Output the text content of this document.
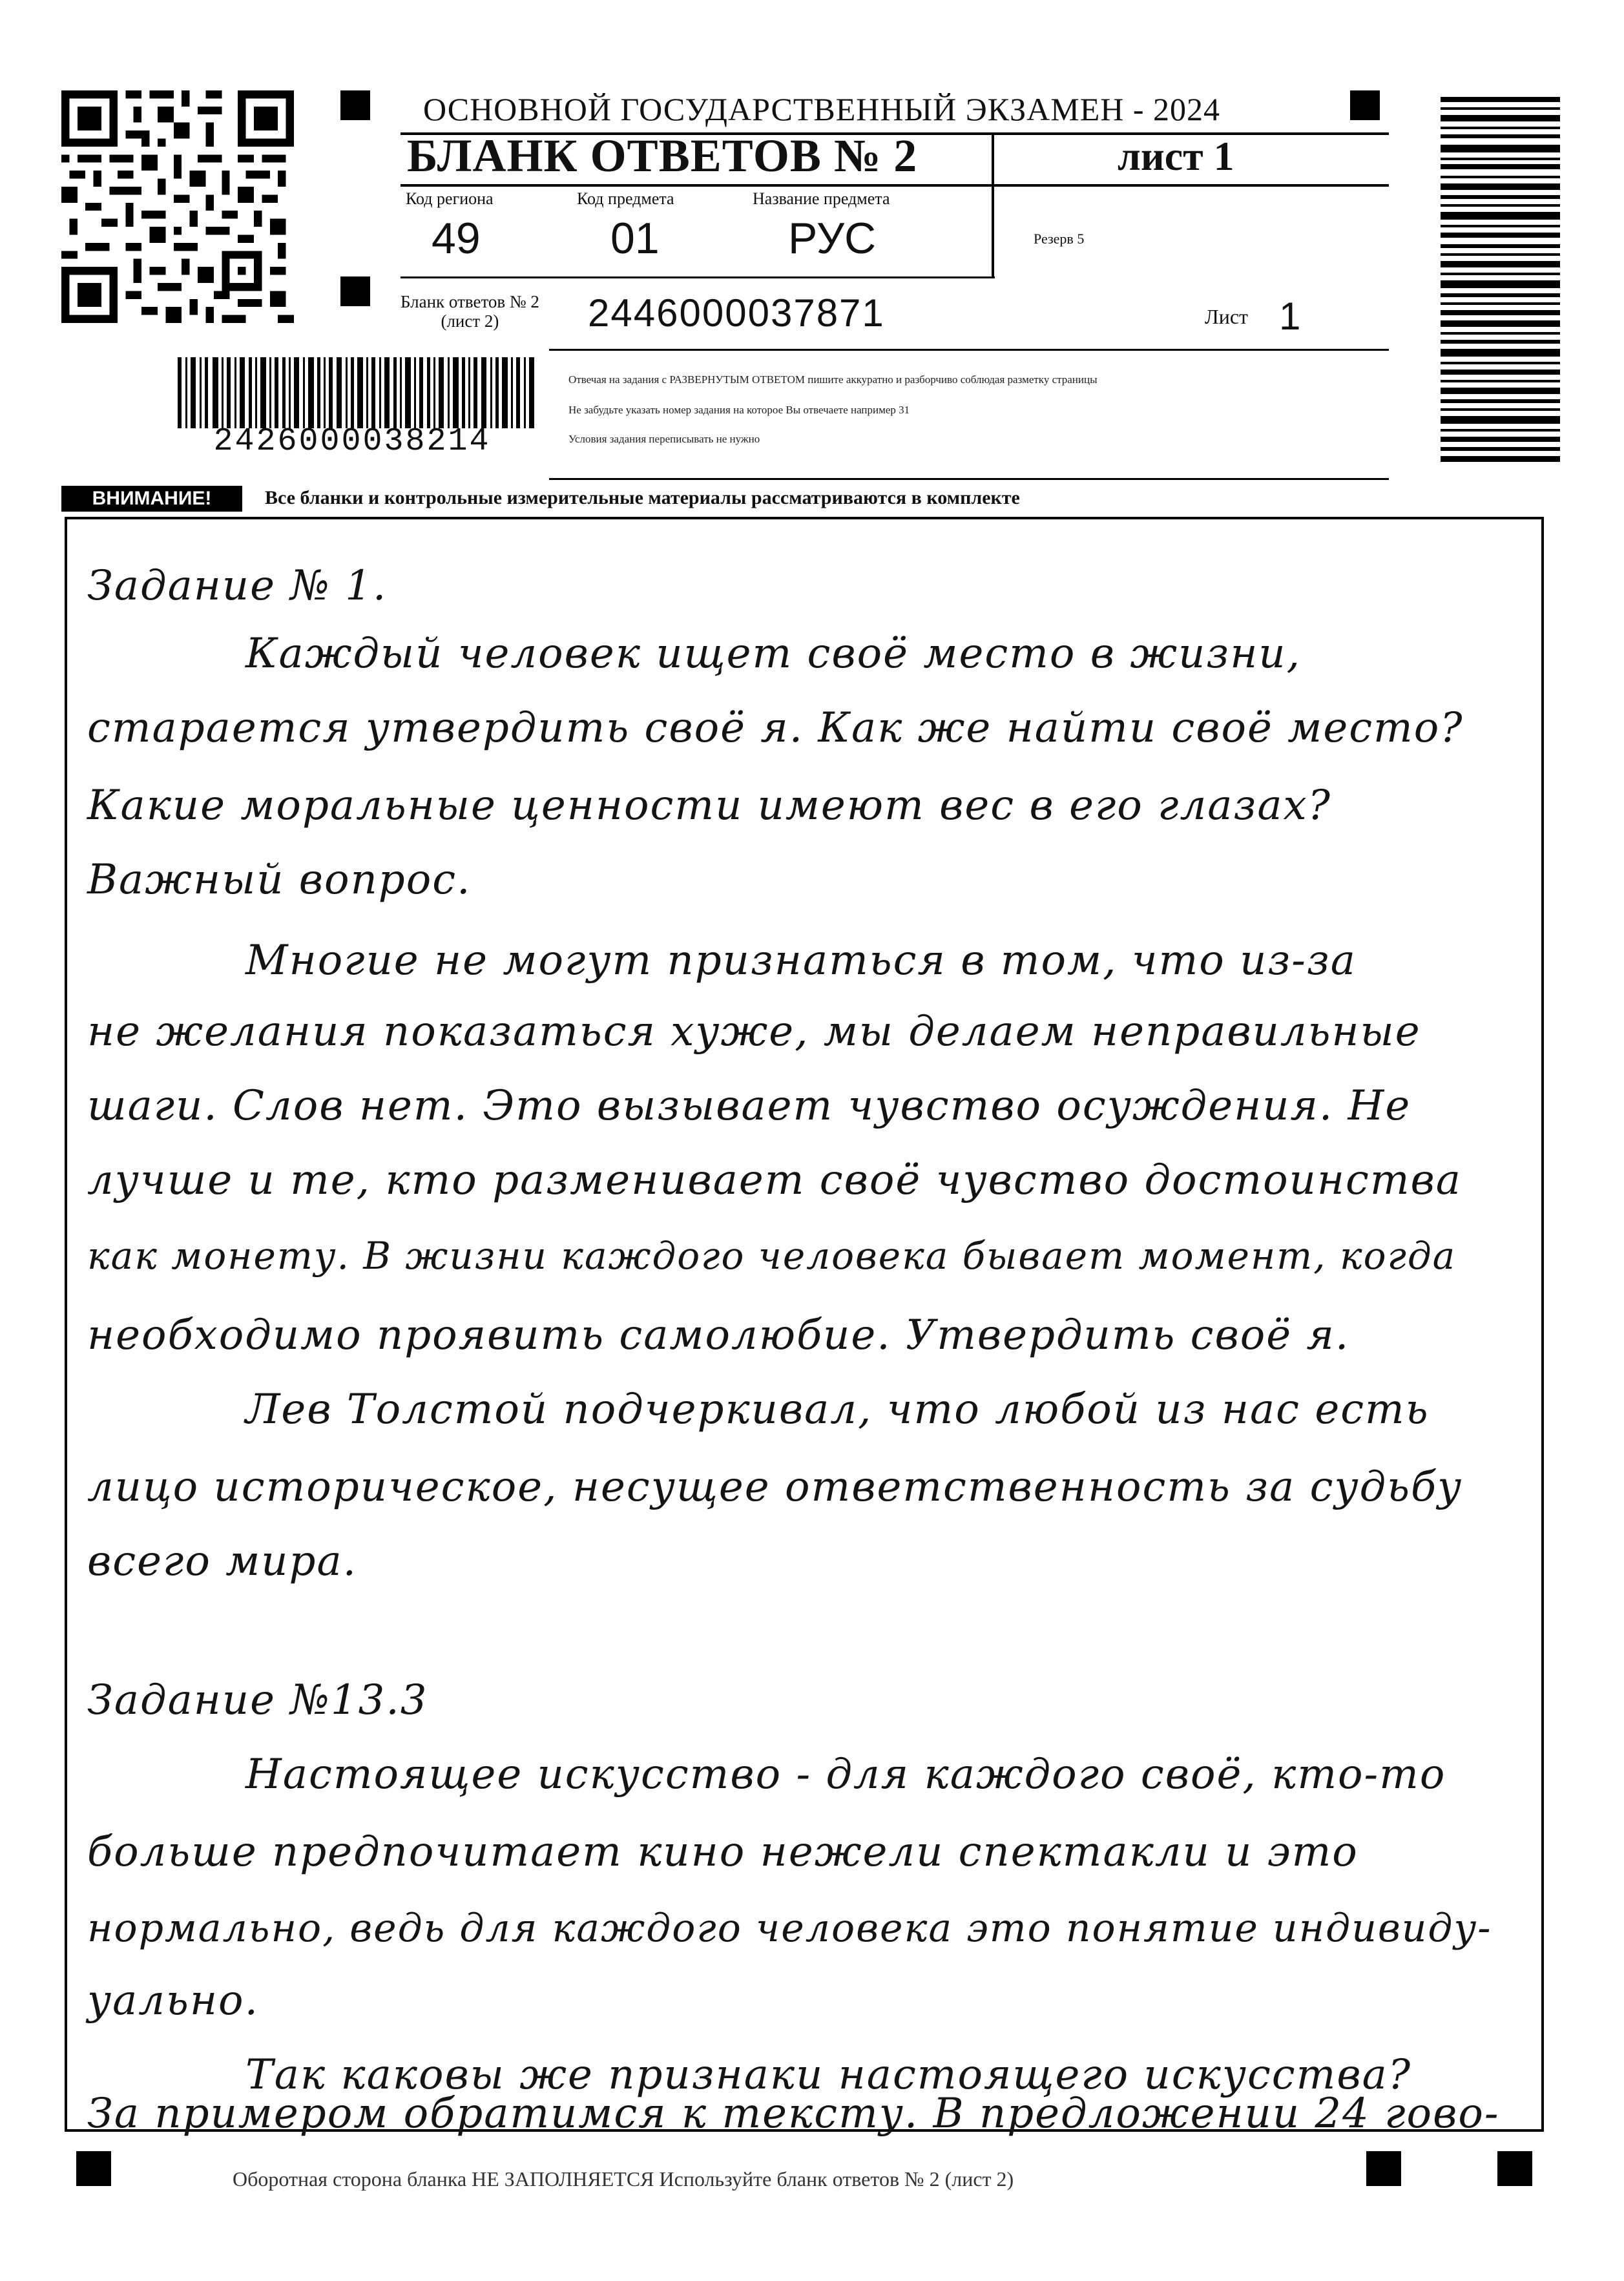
2426000038214
ОСНОВНОЙ ГОСУДАРСТВЕННЫЙ ЭКЗАМЕН - 2024
БЛАНК ОТВЕТОВ № 2	лист 1
Код региона
49
Код предмета
01
Название предмета
РУС	Резерв 5
Бланк ответов № 2
(лист 2)	2446000037871	Лист 1
Отвечая на задания с РАЗВЕРНУТЫМ ОТВЕТОМ пишите аккуратно и разборчиво соблюдая разметку страницы
Не забудьте указать номер задания на которое Вы отвечаете например 31
Условия задания переписывать не нужно
ВНИМАНИЕ!	Все бланки и контрольные измерительные материалы рассматриваются в комплекте
Задание № 1.
Каждый человек ищет своё место в жизни,
старается утвердить своё я. Как же найти своё место?
Какие моральные ценности имеют вес в его глазах?
Важный вопрос.
Многие не могут признаться в том, что из-за
не желания показаться хуже, мы делаем неправильные
шаги. Слов нет. Это вызывает чувство осуждения. Не
лучше и те, кто разменивает своё чувство достоинства
как монету. В жизни каждого человека бывает момент, когда
необходимо проявить самолюбие. Утвердить своё я.
Лев Толстой подчеркивал, что любой из нас есть
лицо историческое, несущее ответственность за судьбу
всего мира.
Задание №13.3
Настоящее искусство - для каждого своё, кто-то
больше предпочитает кино нежели спектакли и это
нормально, ведь для каждого человека это понятие индивиду-
уально.
Так каковы же признаки настоящего искусства?
За примером обратимся к тексту. В предложении 24 гово-
Оборотная сторона бланка НЕ ЗАПОЛНЯЕТСЯ Используйте бланк ответов № 2 (лист 2)
